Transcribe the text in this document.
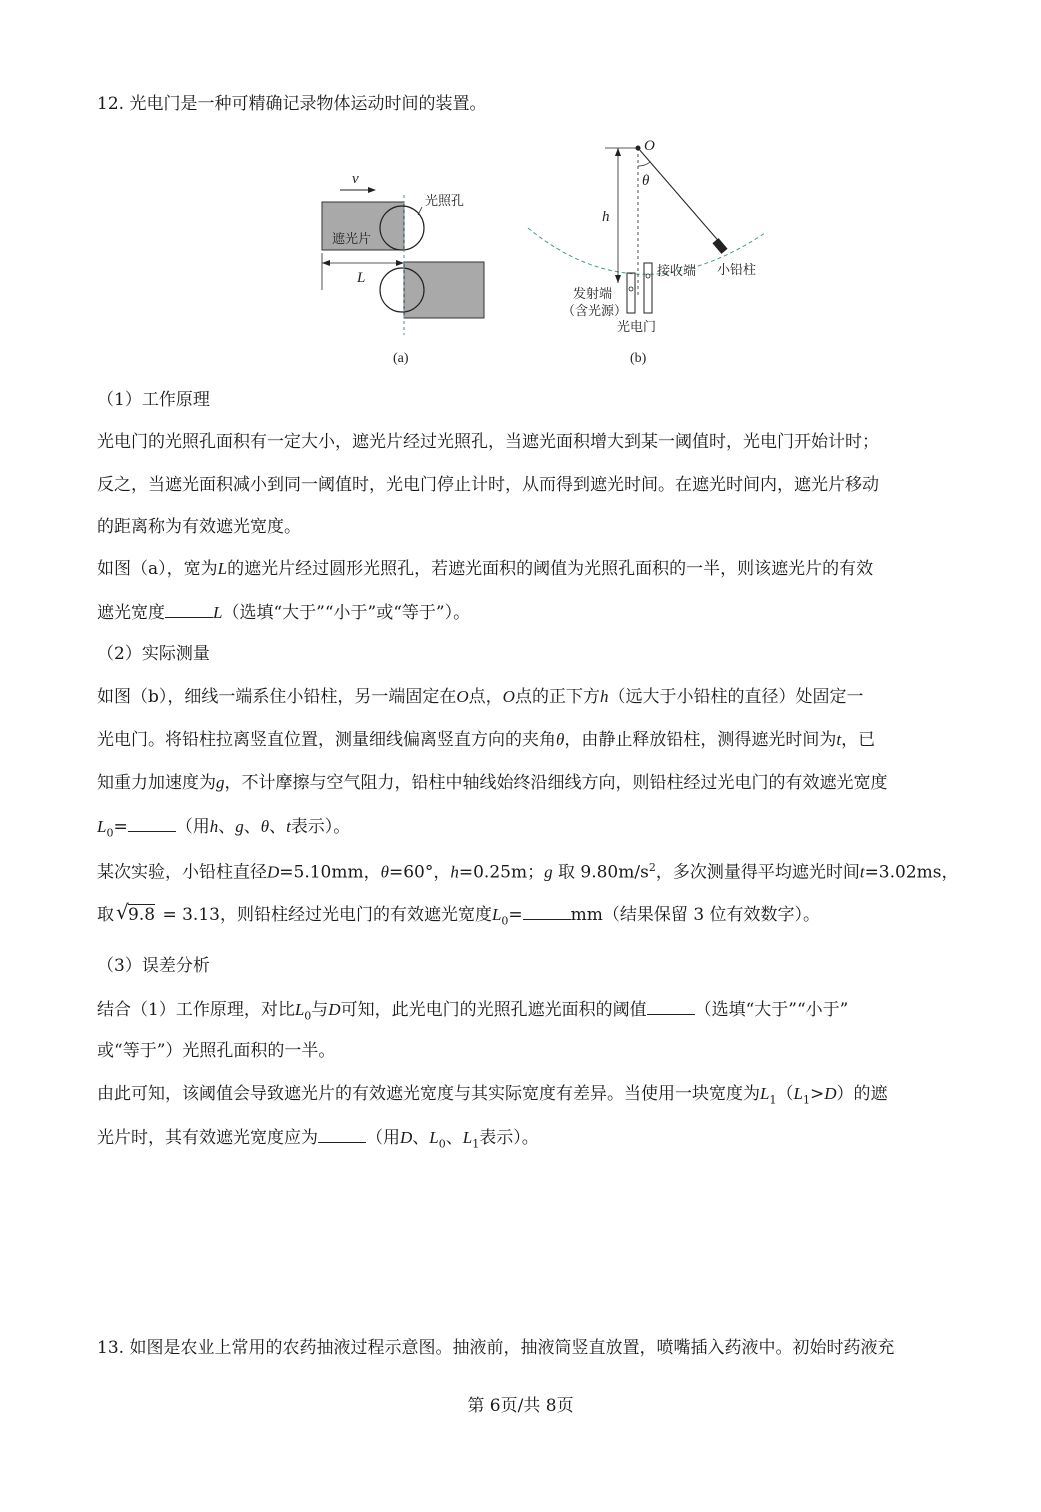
12. 光电门是一种可精确记录物体运动时间的装置。
v
遮光片
光照孔
L
(a)
h
O
θ
小铅柱
接收端
发射端
（含光源）
光电门
(b)
（1）工作原理
光电门的光照孔面积有一定大小，遮光片经过光照孔，当遮光面积增大到某一阈值时，光电门开始计时；
反之，当遮光面积减小到同一阈值时，光电门停止计时，从而得到遮光时间。在遮光时间内，遮光片移动
的距离称为有效遮光宽度。
如图（a），宽为L的遮光片经过圆形光照孔，若遮光面积的阈值为光照孔面积的一半，则该遮光片的有效
遮光宽度	L（选填“大于”“小于”或“等于”）。
（2）实际测量
如图（b），细线一端系住小铅柱，另一端固定在O点，O点的正下方h（远大于小铅柱的直径）处固定一
光电门。将铅柱拉离竖直位置，测量细线偏离竖直方向的夹角θ，由静止释放铅柱，测得遮光时间为t，已
知重力加速度为g，不计摩擦与空气阻力，铅柱中轴线始终沿细线方向，则铅柱经过光电门的有效遮光宽度
$L_0=$	（用h、g、θ、t表示）。
某次实验，小铅柱直径D=5.10mm，θ=60°，h=0.25m；g 取 $9.80m/s^2$，多次测量得平均遮光时间t=3.02ms，
取 √ 9.8 = 3.13，则铅柱经过光电门的有效遮光宽度$L_0=$	mm（结果保留 3 位有效数字）。
（3）误差分析
结合（1）工作原理，对比$L_0$与D可知，此光电门的光照孔遮光面积的阈值	（选填“大于”“小于”
或“等于”）光照孔面积的一半。
由此可知，该阈值会导致遮光片的有效遮光宽度与其实际宽度有差异。当使用一块宽度为$L_1(L_1>D)$的遮
光片时，其有效遮光宽度应为	（用D、$L_0$、$L_1$表示）。
13. 如图是农业上常用的农药抽液过程示意图。抽液前，抽液筒竖直放置，喷嘴插入药液中。初始时药液充
第 6页/共 8页
